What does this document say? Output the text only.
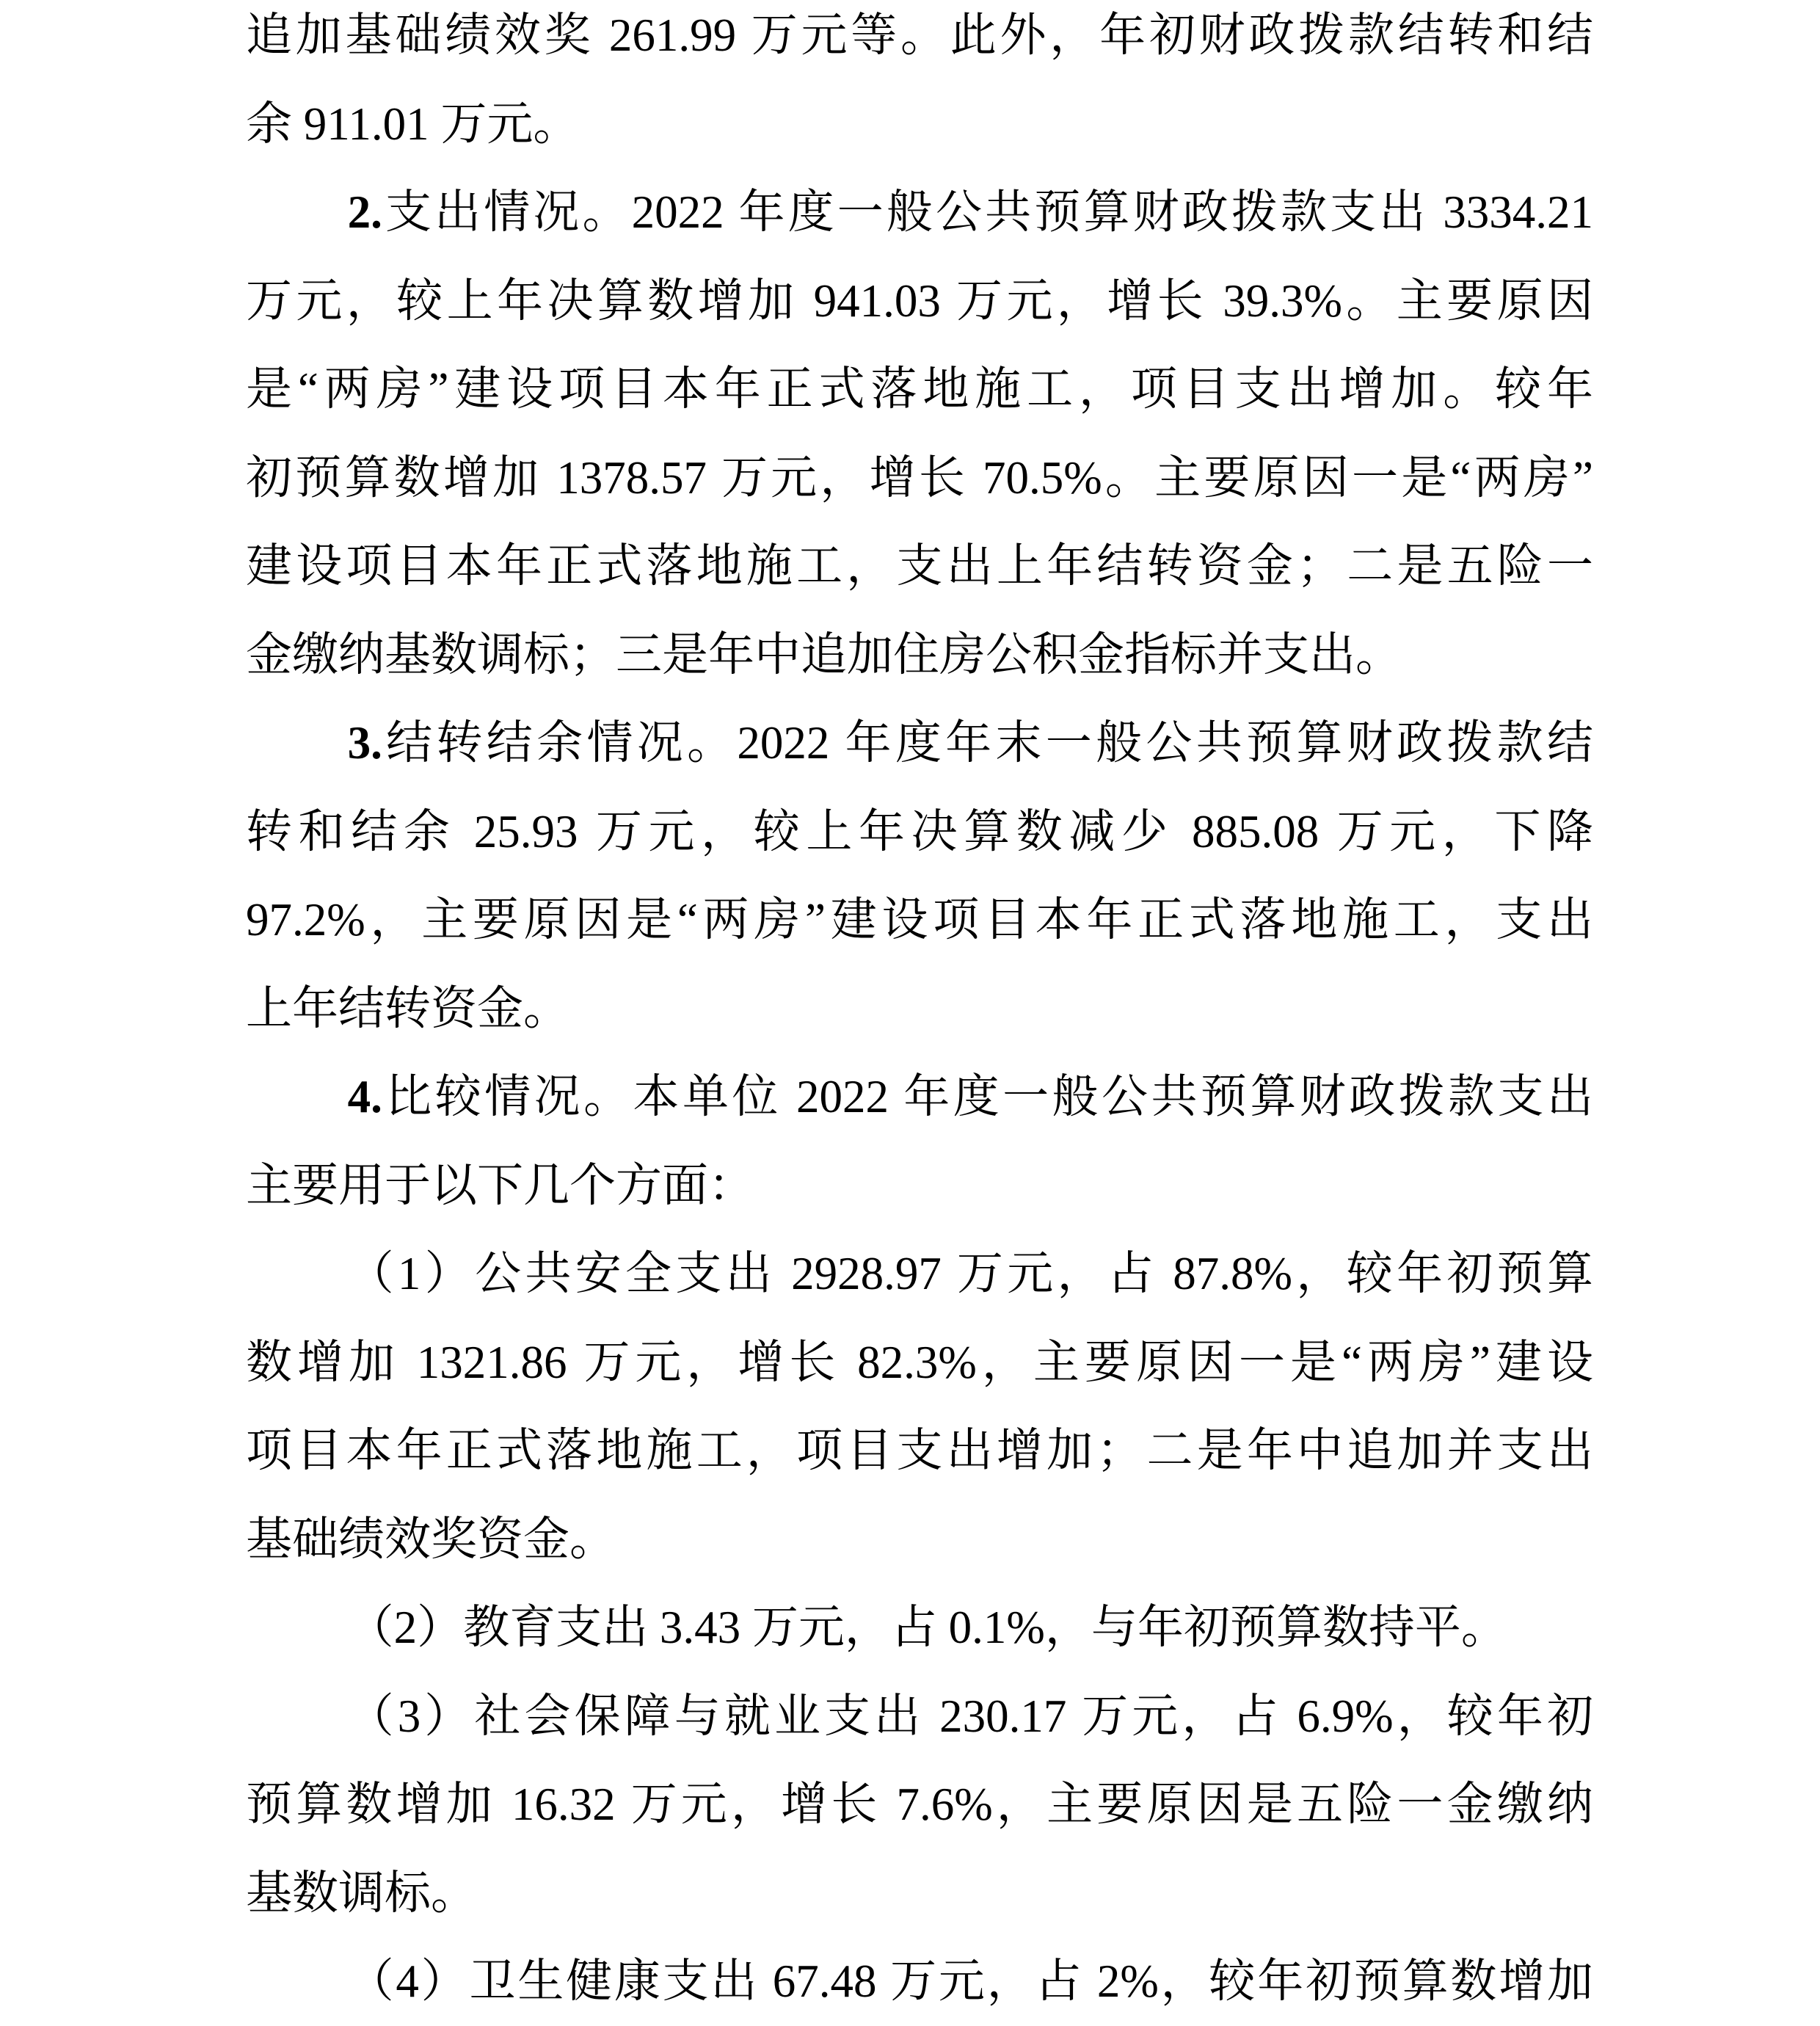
追加基础绩效奖 261.99 万元等。此外，年初财政拨款结转和结
余 911.01 万元。
2.支出情况。2022 年度一般公共预算财政拨款支出 3334.21
万元，较上年决算数增加 941.03 万元，增长 39.3%。主要原因
是“两房”建设项目本年正式落地施工，项目支出增加。较年
初预算数增加 1378.57 万元，增长 70.5%。主要原因一是“两房”
建设项目本年正式落地施工，支出上年结转资金；二是五险一
金缴纳基数调标；三是年中追加住房公积金指标并支出。
3.结转结余情况。2022 年度年末一般公共预算财政拨款结
转和结余 25.93 万元，较上年决算数减少 885.08 万元，下降
97.2%，主要原因是“两房”建设项目本年正式落地施工，支出
上年结转资金。
4.比较情况。本单位 2022 年度一般公共预算财政拨款支出
主要用于以下几个方面：
（1）公共安全支出 2928.97 万元，占 87.8%，较年初预算
数增加 1321.86 万元，增长 82.3%，主要原因一是“两房”建设
项目本年正式落地施工，项目支出增加；二是年中追加并支出
基础绩效奖资金。
（2）教育支出 3.43 万元，占 0.1%，与年初预算数持平。
（3）社会保障与就业支出 230.17 万元，占 6.9%，较年初
预算数增加 16.32 万元，增长 7.6%，主要原因是五险一金缴纳
基数调标。
（4）卫生健康支出 67.48 万元，占 2%，较年初预算数增加
